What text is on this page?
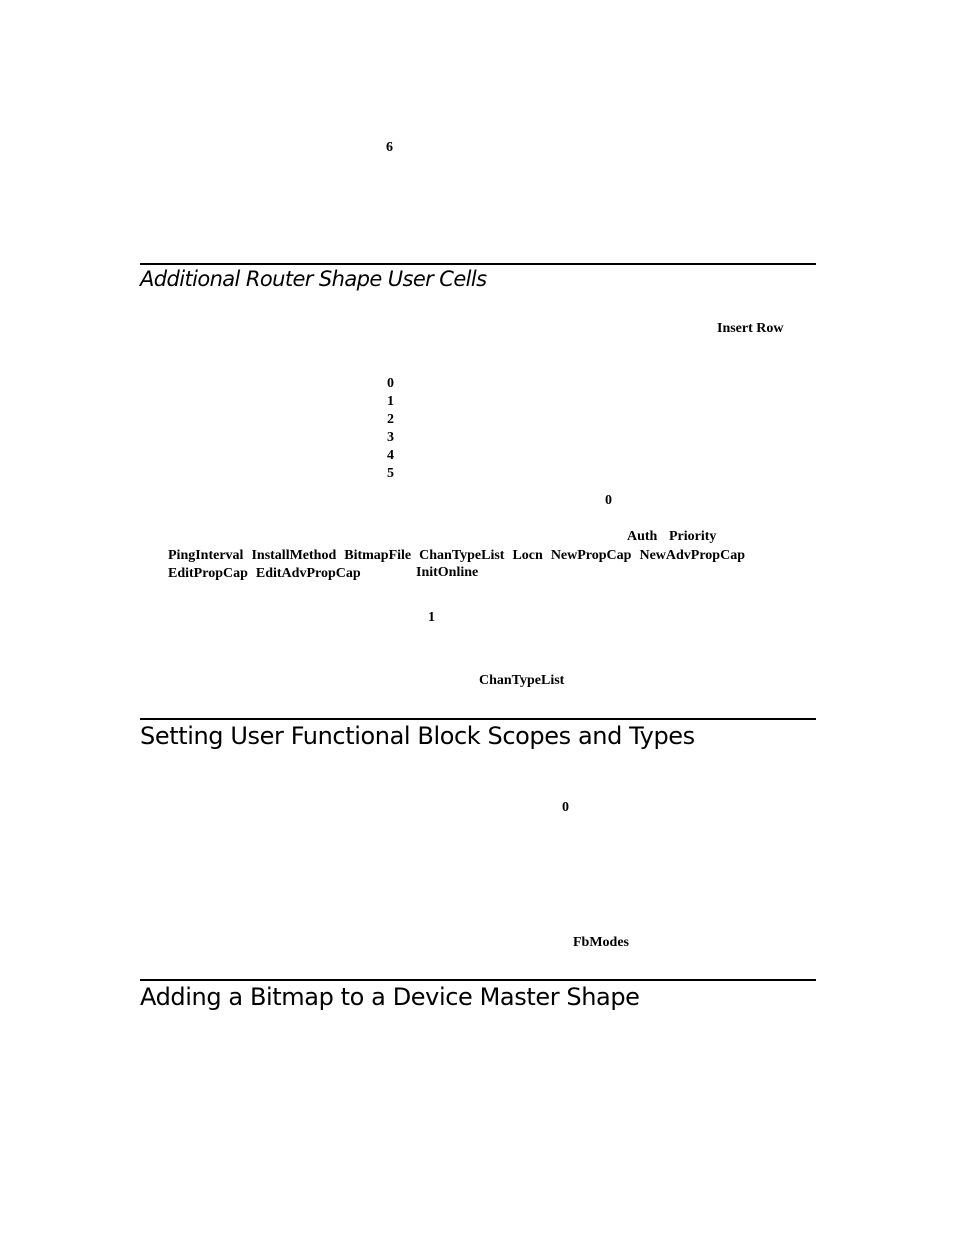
6
Additional Router Shape User Cells
Insert Row
0
1
2
3
4
5
0
Auth Priority
PingInterval InstallMethod BitmapFile ChanTypeList Locn NewPropCap NewAdvPropCap
EditPropCap EditAdvPropCap	InitOnline
1
ChanTypeList
Setting User Functional Block Scopes and Types
0
FbModes
Adding a Bitmap to a Device Master Shape
